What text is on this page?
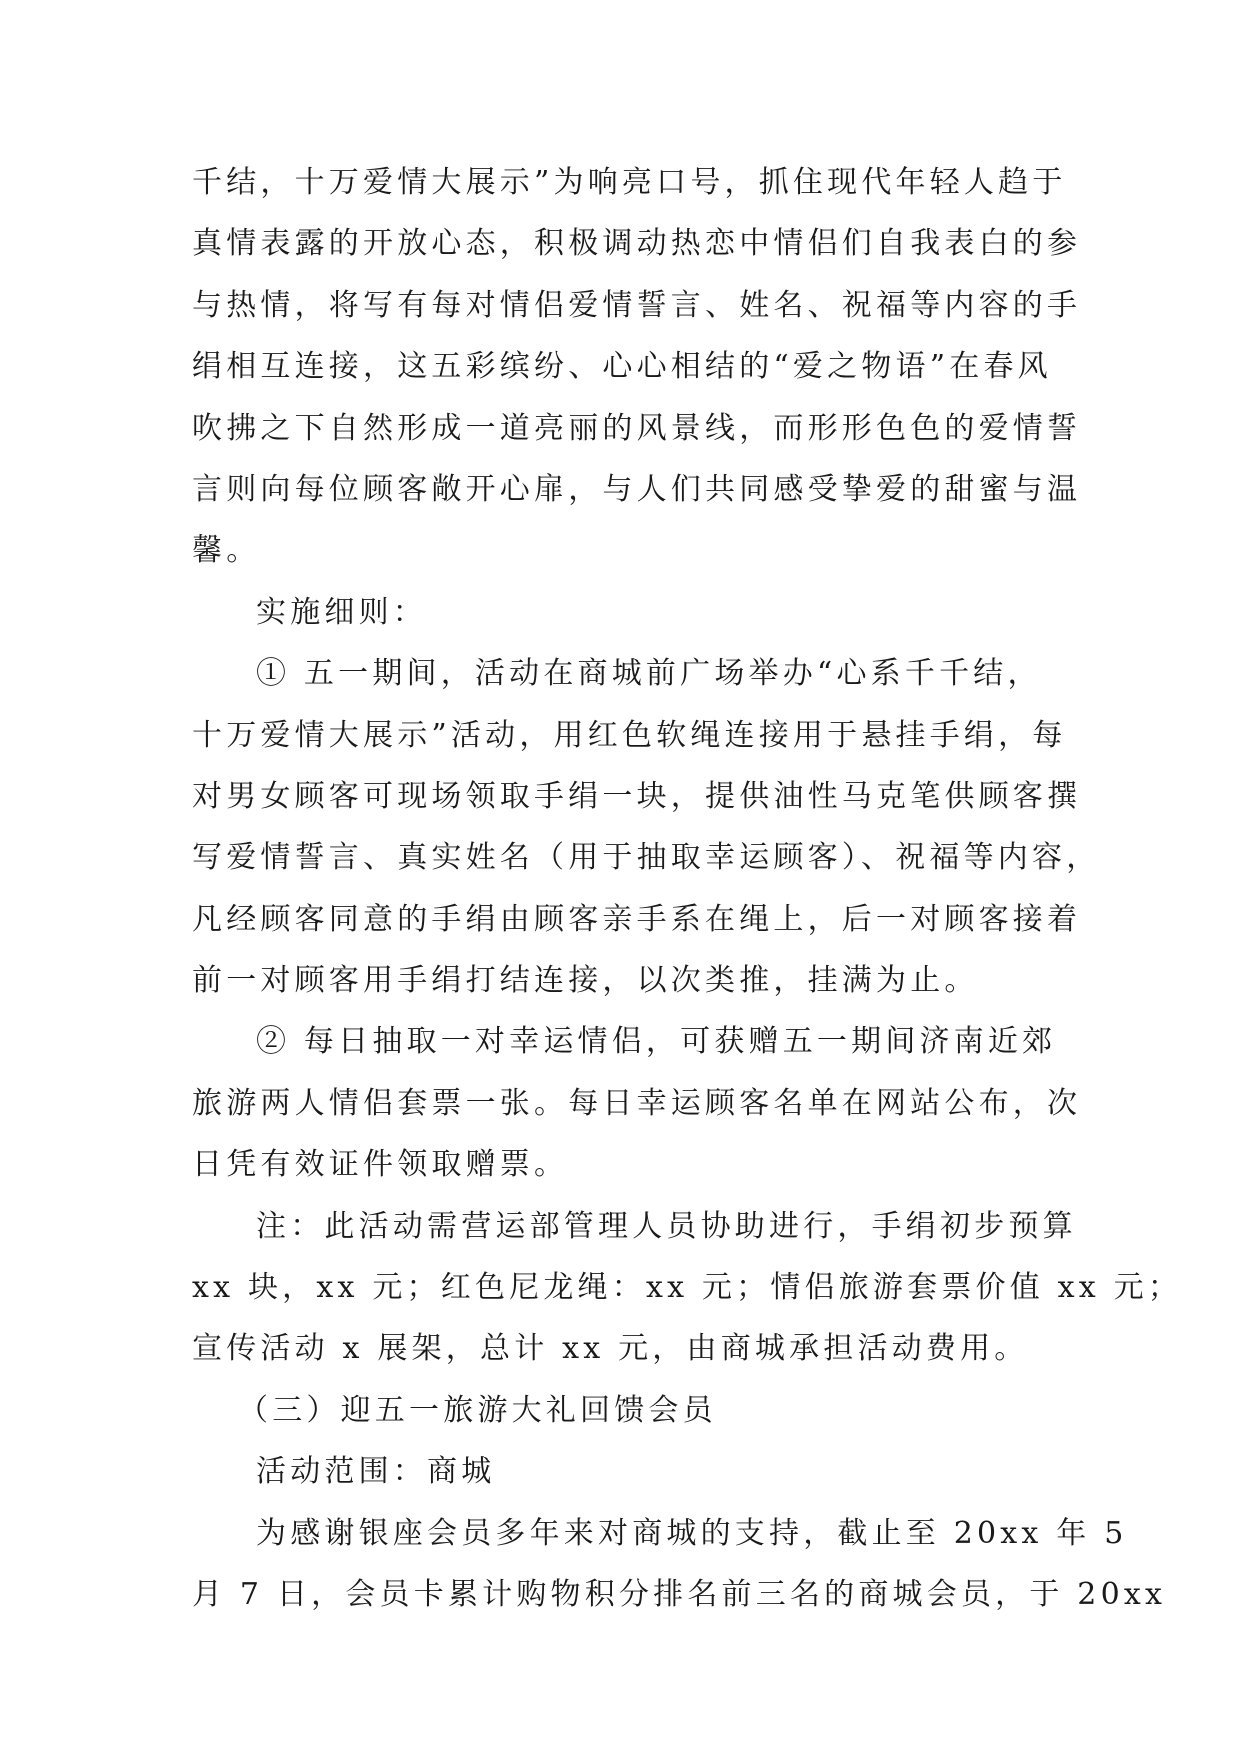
千结，十万爱情大展示”为响亮口号，抓住现代年轻人趋于
真情表露的开放心态，积极调动热恋中情侣们自我表白的参
与热情，将写有每对情侣爱情誓言、姓名、祝福等内容的手
绢相互连接，这五彩缤纷、心心相结的“爱之物语”在春风
吹拂之下自然形成一道亮丽的风景线，而形形色色的爱情誓
言则向每位顾客敞开心扉，与人们共同感受挚爱的甜蜜与温
馨。
实施细则：
① 五一期间，活动在商城前广场举办“心系千千结，
十万爱情大展示”活动，用红色软绳连接用于悬挂手绢，每
对男女顾客可现场领取手绢一块，提供油性马克笔供顾客撰
写爱情誓言、真实姓名（用于抽取幸运顾客）、祝福等内容，
凡经顾客同意的手绢由顾客亲手系在绳上，后一对顾客接着
前一对顾客用手绢打结连接，以次类推，挂满为止。
② 每日抽取一对幸运情侣，可获赠五一期间济南近郊
旅游两人情侣套票一张。每日幸运顾客名单在网站公布，次
日凭有效证件领取赠票。
注：此活动需营运部管理人员协助进行，手绢初步预算
xx 块，xx 元；红色尼龙绳：xx 元；情侣旅游套票价值 xx 元；
宣传活动 x 展架，总计 xx 元，由商城承担活动费用。
（三）迎五一旅游大礼回馈会员
活动范围：商城
为感谢银座会员多年来对商城的支持，截止至 20xx 年 5
月 7 日，会员卡累计购物积分排名前三名的商城会员，于 20xx
